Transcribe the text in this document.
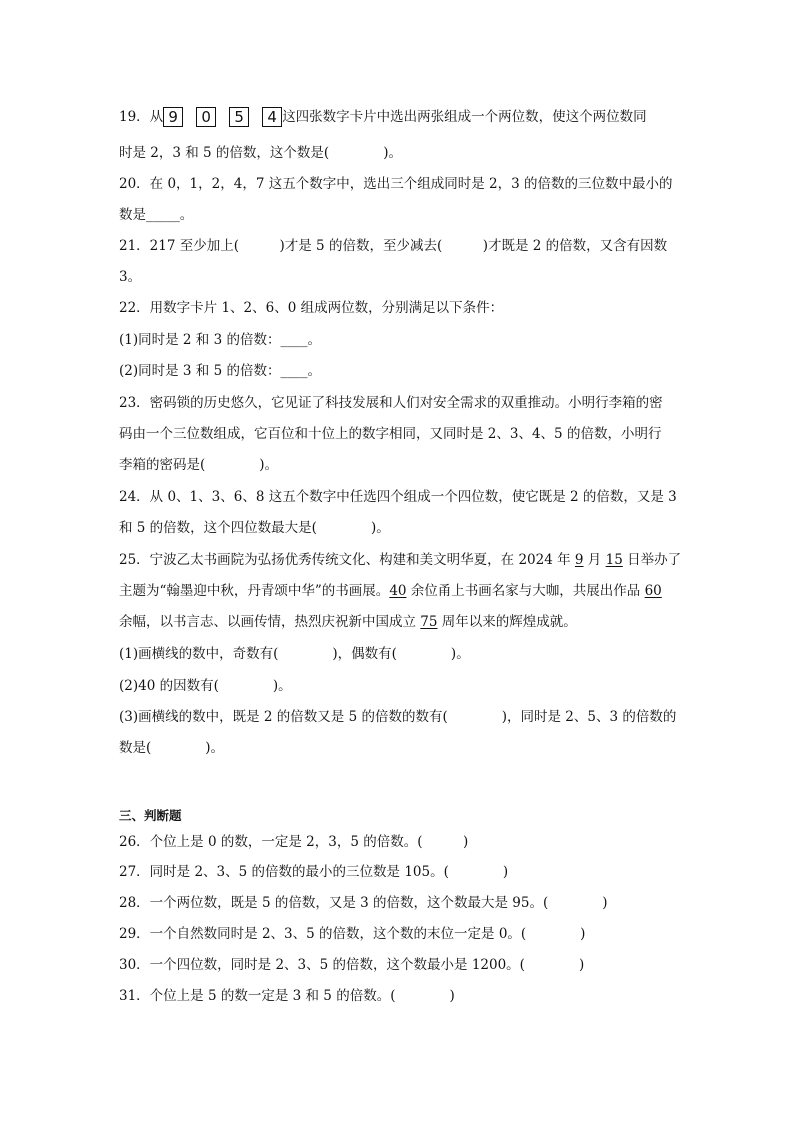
19．从 9 0 5 4 这四张数字卡片中选出两张组成一个两位数，使这个两位数同
时是 2，3 和 5 的倍数，这个数是(　　　　)。
20．在 0，1，2，4，7 这五个数字中，选出三个组成同时是 2，3 的倍数的三位数中最小的
数是_____。
21．217 至少加上(　　　)才是 5 的倍数，至少减去(　　　)才既是 2 的倍数，又含有因数
3。
22．用数字卡片 1、2、6、0 组成两位数，分别满足以下条件：
(1)同时是 2 和 3 的倍数：____。
(2)同时是 3 和 5 的倍数：____。
23．密码锁的历史悠久，它见证了科技发展和人们对安全需求的双重推动。小明行李箱的密
码由一个三位数组成，它百位和十位上的数字相同，又同时是 2、3、4、5 的倍数，小明行
李箱的密码是(　　　　)。
24．从 0、1、3、6、8 这五个数字中任选四个组成一个四位数，使它既是 2 的倍数，又是 3
和 5 的倍数，这个四位数最大是(　　　　)。
25．宁波乙太书画院为弘扬优秀传统文化、构建和美文明华夏，在 2024 年 9 月 15 日举办了
主题为“翰墨迎中秋，丹青颂中华”的书画展。40 余位甬上书画名家与大咖，共展出作品 60
余幅，以书言志、以画传情，热烈庆祝新中国成立 75 周年以来的辉煌成就。
(1)画横线的数中，奇数有(　　　　)，偶数有(　　　　)。
(2)40 的因数有(　　　　)。
(3)画横线的数中，既是 2 的倍数又是 5 的倍数的数有(　　　　)，同时是 2、5、3 的倍数的
数是(　　　　)。
三、判断题
26．个位上是 0 的数，一定是 2，3，5 的倍数。(　　　)
27．同时是 2、3、5 的倍数的最小的三位数是 105。(　　　　)
28．一个两位数，既是 5 的倍数，又是 3 的倍数，这个数最大是 95。(　　　　)
29．一个自然数同时是 2、3、5 的倍数，这个数的末位一定是 0。(　　　　)
30．一个四位数，同时是 2、3、5 的倍数，这个数最小是 1200。(　　　　)
31．个位上是 5 的数一定是 3 和 5 的倍数。(　　　　)
